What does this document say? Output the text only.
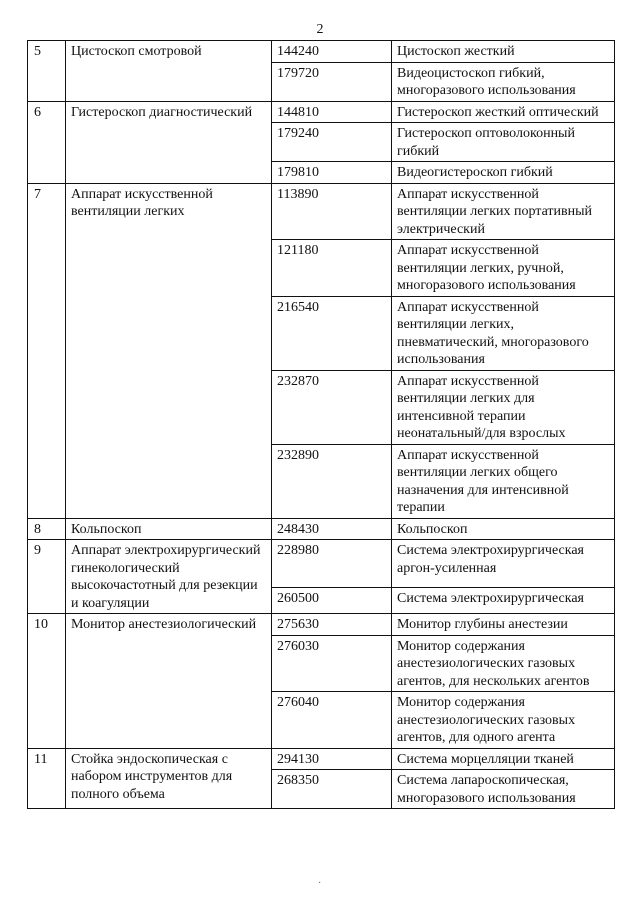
2
5	Цистоскоп смотровой	144240	Цистоскоп жесткий
		179720	Видеоцистоскоп гибкий, многоразового использования
6	Гистероскоп диагностический	144810	Гистероскоп жесткий оптический
		179240	Гистероскоп оптоволоконный гибкий
		179810	Видеогистероскоп гибкий
7	Аппарат искусственной вентиляции легких	113890	Аппарат искусственной вентиляции легких портативный электрический
		121180	Аппарат искусственной вентиляции легких, ручной, многоразового использования
		216540	Аппарат искусственной вентиляции легких, пневматический, многоразового использования
		232870	Аппарат искусственной вентиляции легких для интенсивной терапии неонатальный/для взрослых
		232890	Аппарат искусственной вентиляции легких общего назначения для интенсивной терапии
8	Кольпоскоп	248430	Кольпоскоп
9	Аппарат электрохирургический гинекологический высокочастотный для резекции и коагуляции	228980	Система электрохирургическая аргон-усиленная
		260500	Система электрохирургическая
10	Монитор анестезиологический	275630	Монитор глубины анестезии
		276030	Монитор содержания анестезиологических газовых агентов, для нескольких агентов
		276040	Монитор содержания анестезиологических газовых агентов, для одного агента
11	Стойка эндоскопическая с набором инструментов для полного объема	294130	Система морцелляции тканей
		268350	Система лапароскопическая, многоразового использования
·
